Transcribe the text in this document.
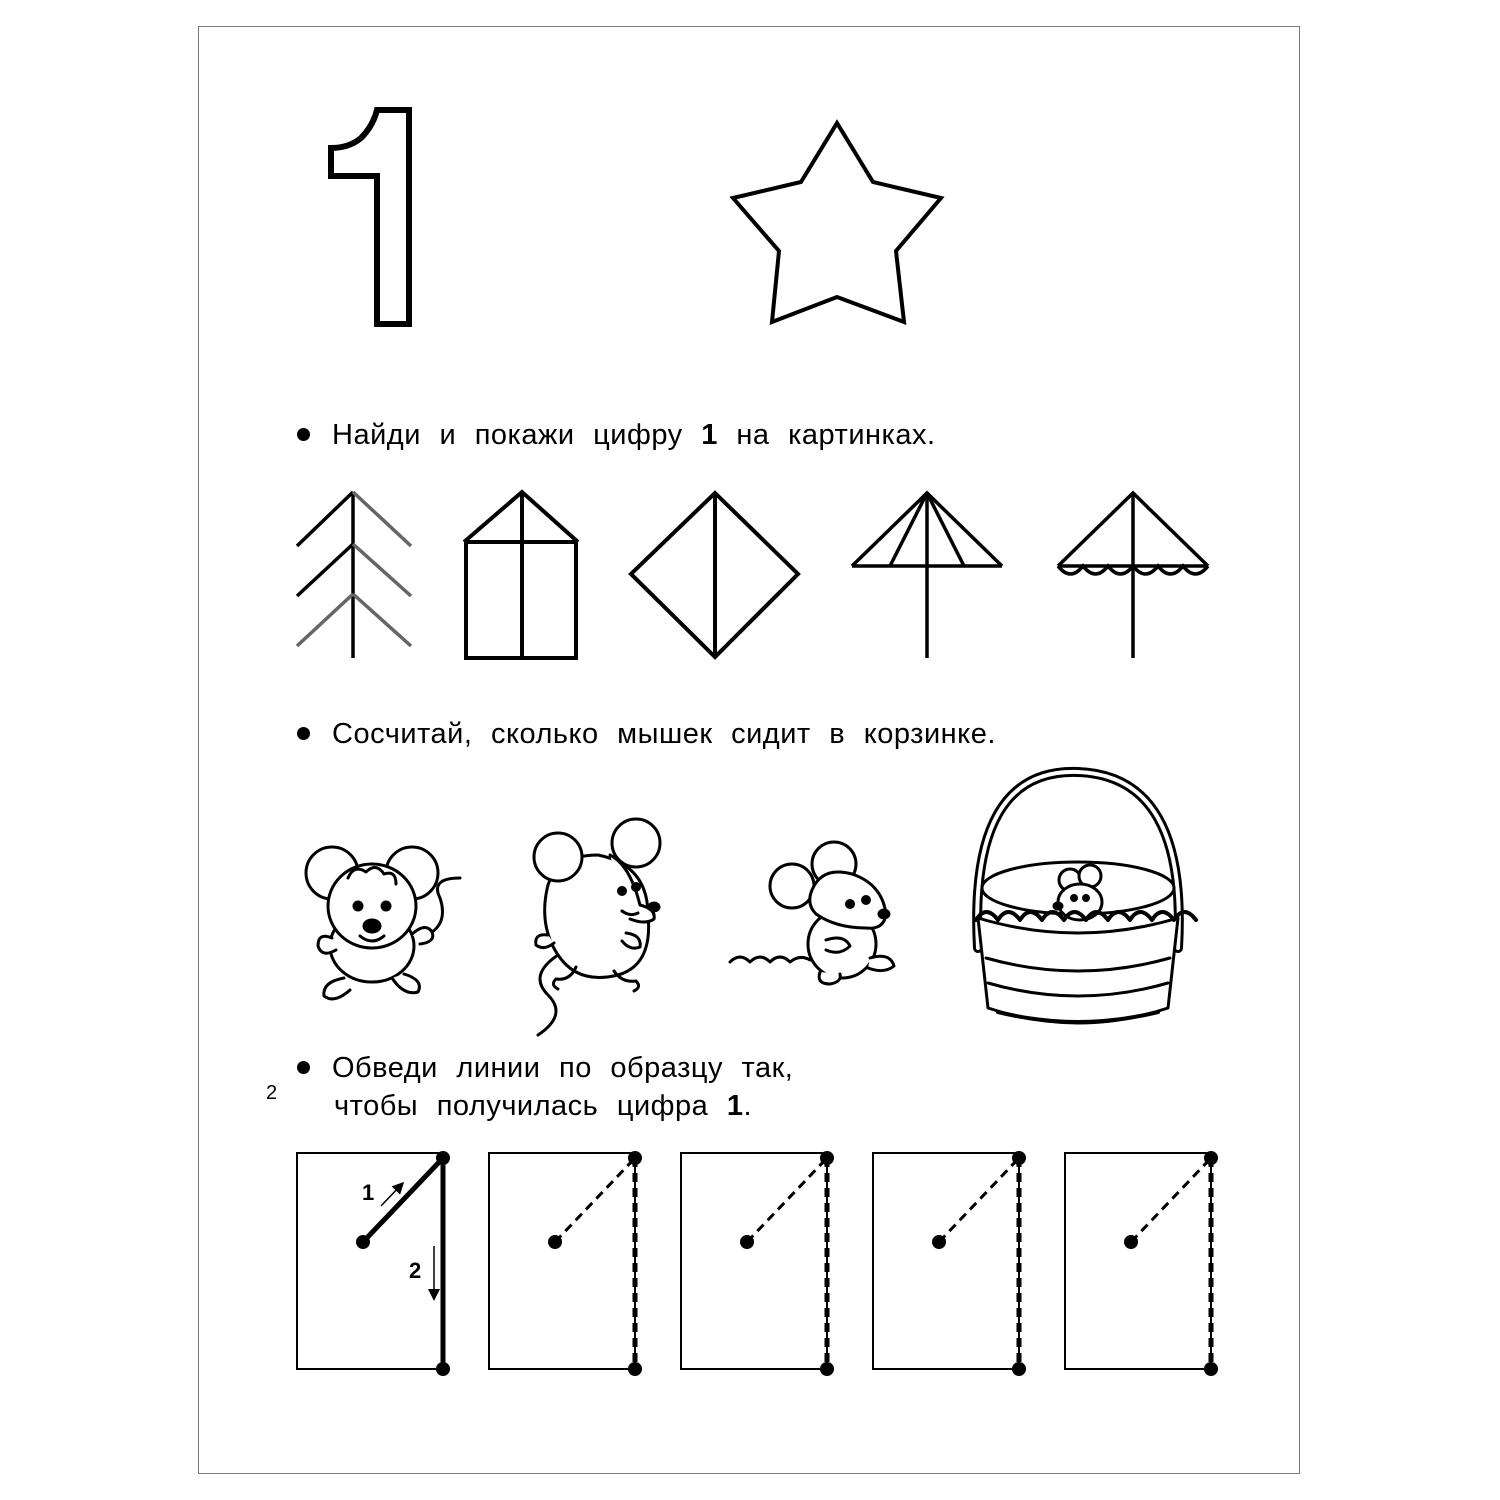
Найди и покажи цифру 1 на картинках.
Сосчитай, сколько мышек сидит в корзинке.
Обведи линии по образцу так,
чтобы получилась цифра 1.
1
2
2
